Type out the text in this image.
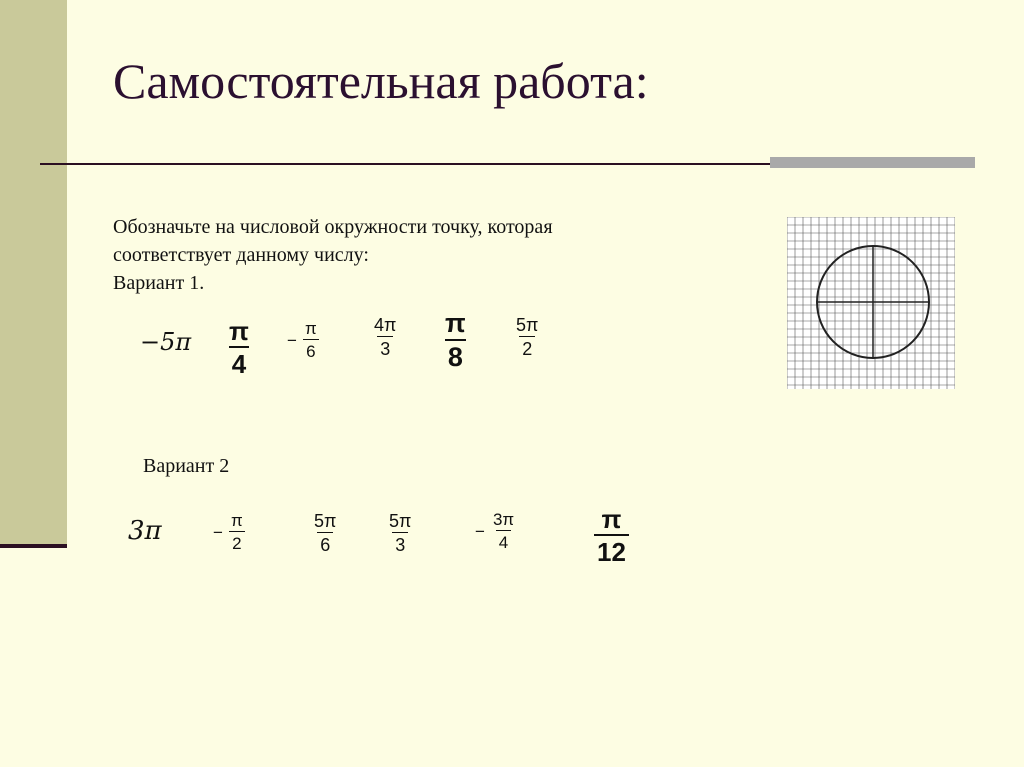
Самостоятельная работа:
Обозначьте на числовой окружности точку, которая
соответствует данному числу:
Вариант 1.
$-5\pi \frac{\pi}{4} - \frac{\pi}{6}$	$\frac{4\pi}{3} \frac{\pi}{8} \frac{5\pi}{2}$
Вариант 2
3π	− $\frac{\pi}{2}$	$\frac{5\pi}{6}$	$\frac{5\pi}{3}$	− $\frac{3\pi}{4}$	$\frac{\pi}{12}$
